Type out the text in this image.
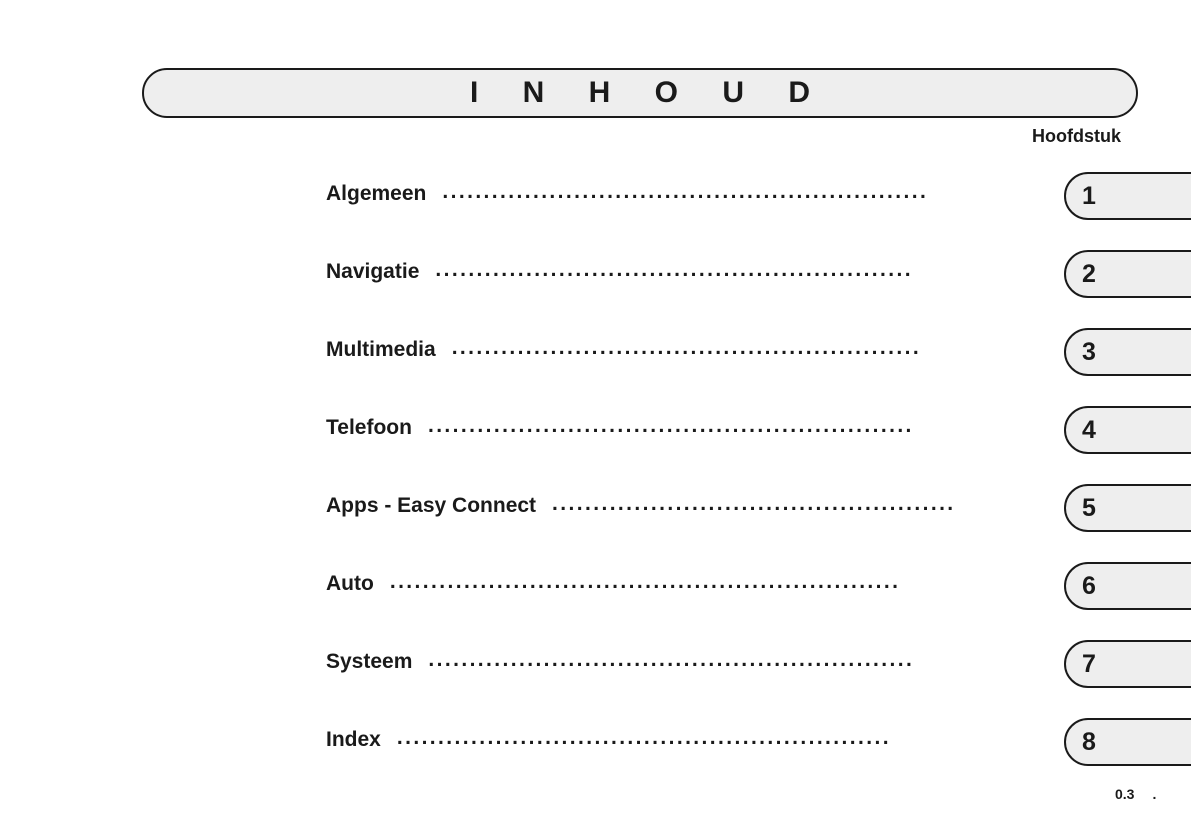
I N H O U D
Hoofdstuk
Algemeen ...........................................................	1
Navigatie ..........................................................	2
Multimedia .........................................................	3
Telefoon ...........................................................	4
Apps - Easy Connect .................................................	5
Auto ..............................................................	6
Systeem ...........................................................	7
Index ............................................................	8
0.3 .
